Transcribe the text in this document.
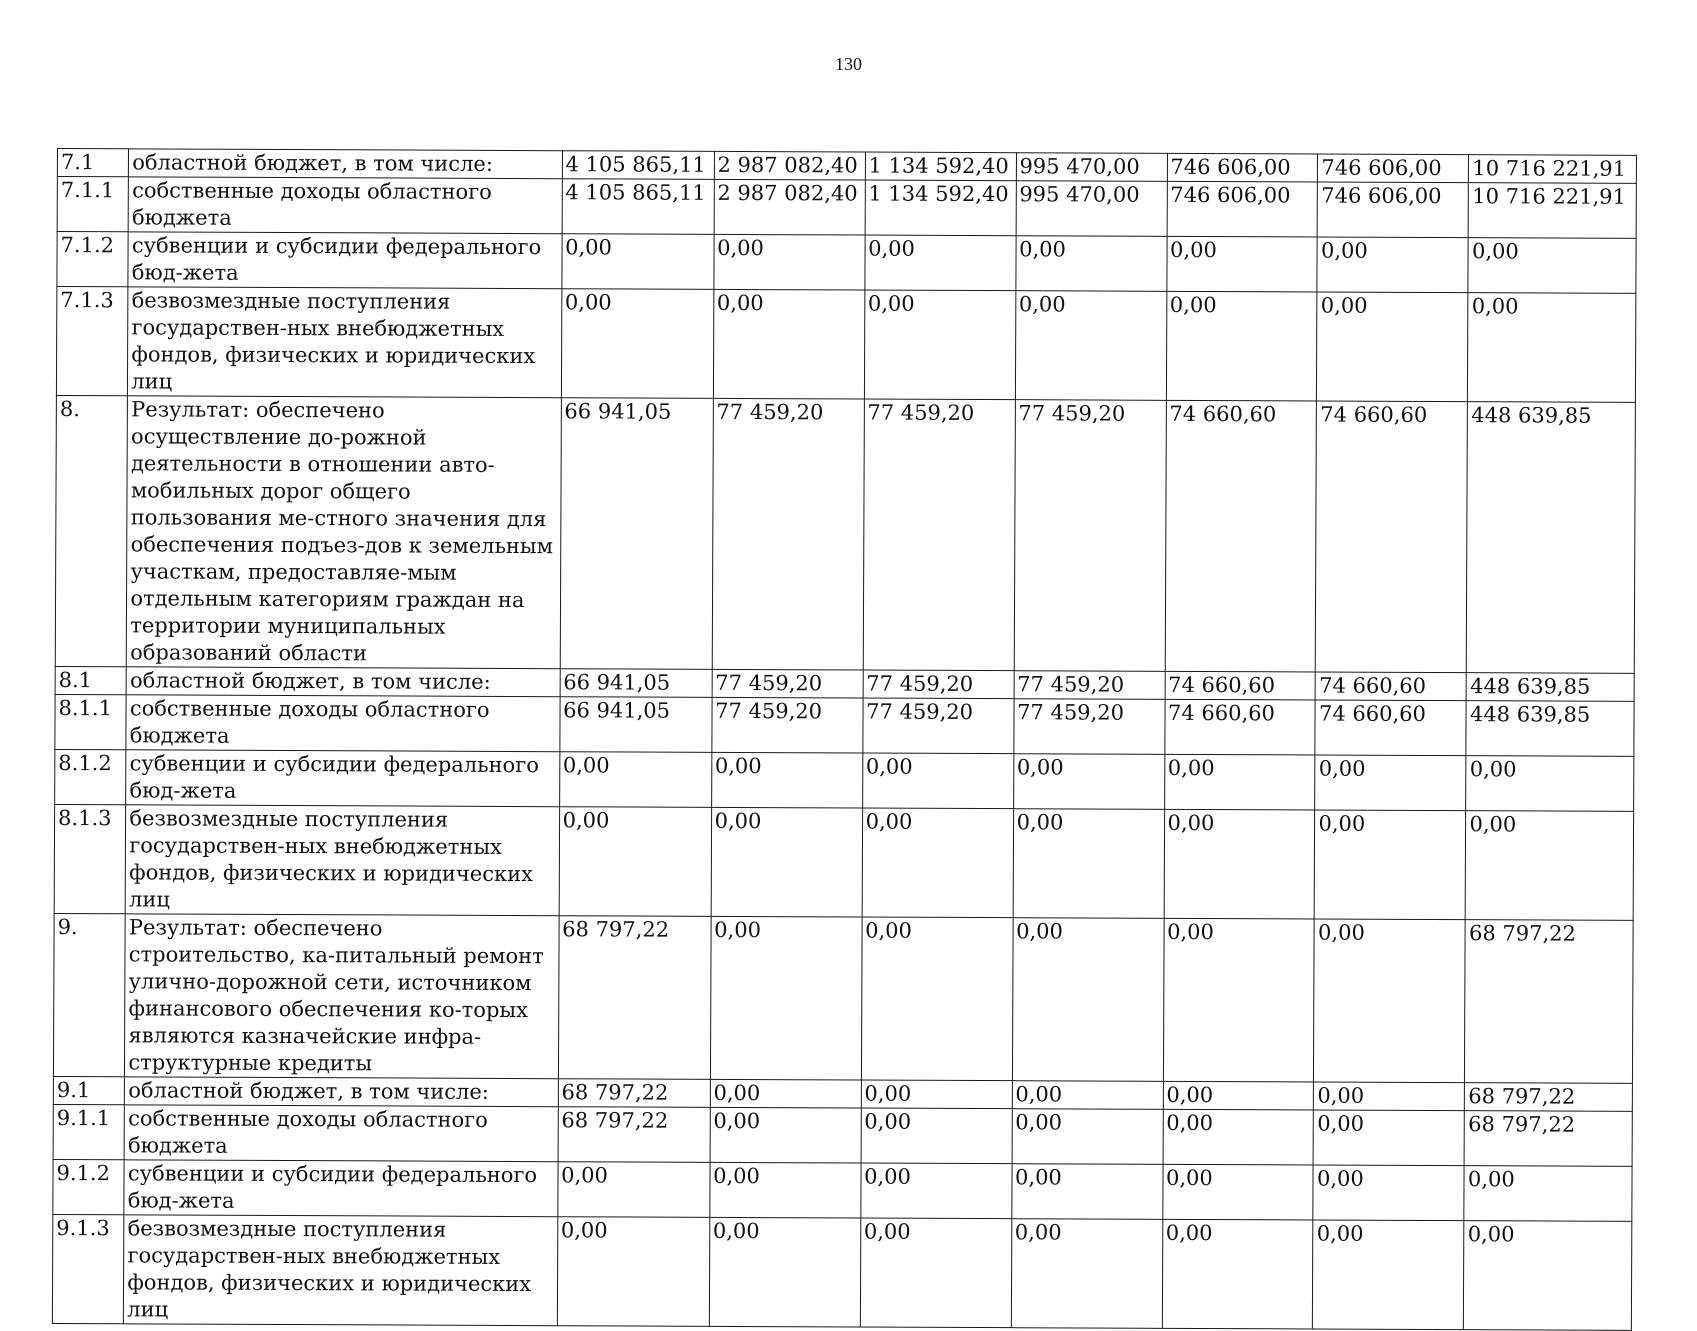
130
7.1	областной бюджет, в том числе:	4 105 865,11	2 987 082,40	1 134 592,40	995 470,00	746 606,00	746 606,00	10 716 221,91
7.1.1	собственные доходы областного бюджета	4 105 865,11	2 987 082,40	1 134 592,40	995 470,00	746 606,00	746 606,00	10 716 221,91
7.1.2	субвенции и субсидии федерального бюд-жета	0,00	0,00	0,00	0,00	0,00	0,00	0,00
7.1.3	безвозмездные поступления государствен-ных внебюджетных фондов, физических и юридических лиц	0,00	0,00	0,00	0,00	0,00	0,00	0,00
8.	Результат: обеспечено осуществление до-рожной деятельности в отношении авто-мобильных дорог общего пользования ме-стного значения для обеспечения подъез-дов к земельным участкам, предоставляе-мым отдельным категориям граждан на территории муниципальных образований области	66 941,05	77 459,20	77 459,20	77 459,20	74 660,60	74 660,60	448 639,85
8.1	областной бюджет, в том числе:	66 941,05	77 459,20	77 459,20	77 459,20	74 660,60	74 660,60	448 639,85
8.1.1	собственные доходы областного бюджета	66 941,05	77 459,20	77 459,20	77 459,20	74 660,60	74 660,60	448 639,85
8.1.2	субвенции и субсидии федерального бюд-жета	0,00	0,00	0,00	0,00	0,00	0,00	0,00
8.1.3	безвозмездные поступления государствен-ных внебюджетных фондов, физических и юридических лиц	0,00	0,00	0,00	0,00	0,00	0,00	0,00
9.	Результат: обеспечено строительство, ка-питальный ремонт улично-дорожной сети, источником финансового обеспечения ко-торых являются казначейские инфра-структурные кредиты	68 797,22	0,00	0,00	0,00	0,00	0,00	68 797,22
9.1	областной бюджет, в том числе:	68 797,22	0,00	0,00	0,00	0,00	0,00	68 797,22
9.1.1	собственные доходы областного бюджета	68 797,22	0,00	0,00	0,00	0,00	0,00	68 797,22
9.1.2	субвенции и субсидии федерального бюд-жета	0,00	0,00	0,00	0,00	0,00	0,00	0,00
9.1.3	безвозмездные поступления государствен-ных внебюджетных фондов, физических и юридических лиц	0,00	0,00	0,00	0,00	0,00	0,00	0,00
